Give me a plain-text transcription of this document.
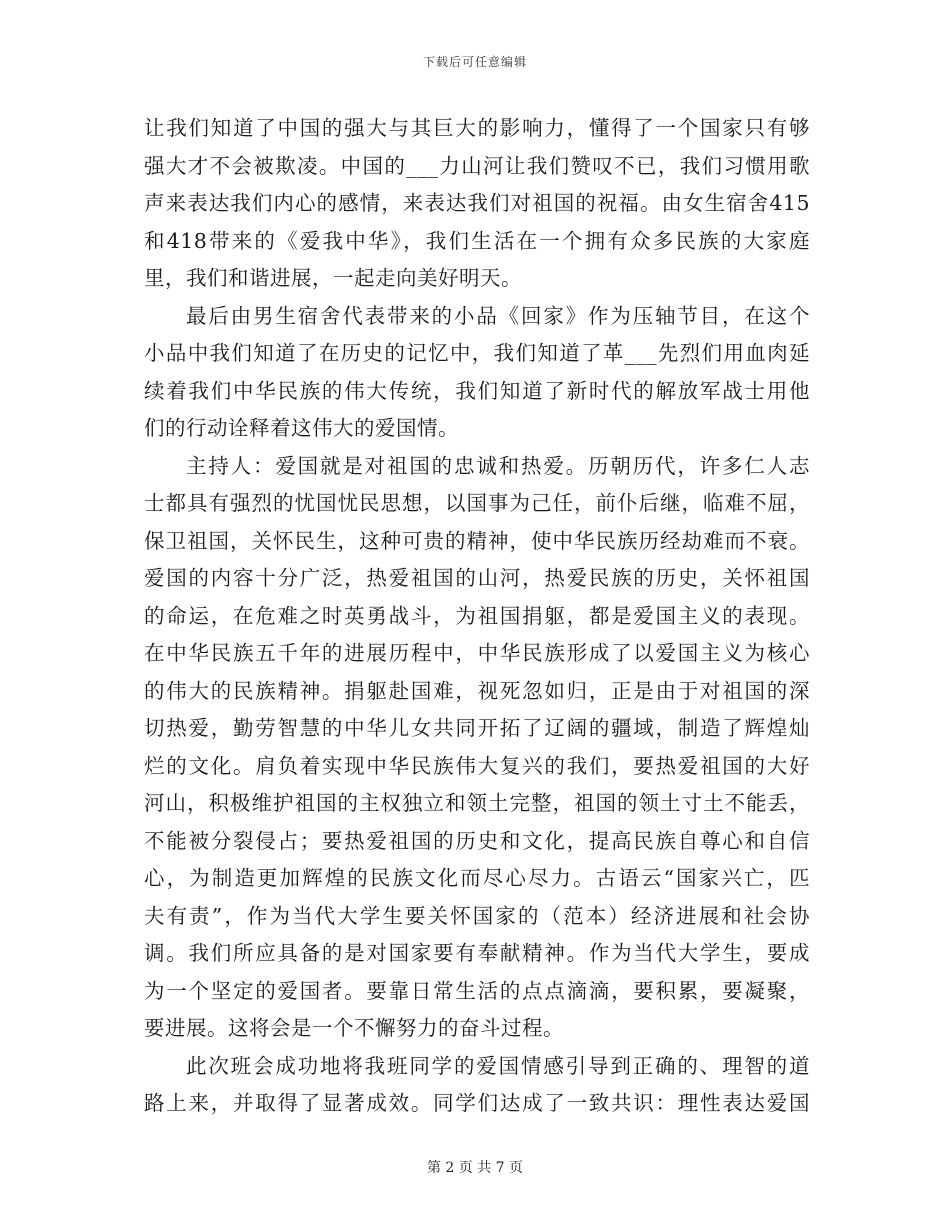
下载后可任意编辑
让我们知道了中国的强大与其巨大的影响力，懂得了一个国家只有够
强大才不会被欺凌。中国的___力山河让我们赞叹不已，我们习惯用歌
声来表达我们内心的感情，来表达我们对祖国的祝福。由女生宿舍415
和418带来的《爱我中华》，我们生活在一个拥有众多民族的大家庭
里，我们和谐进展，一起走向美好明天。
最后由男生宿舍代表带来的小品《回家》作为压轴节目，在这个
小品中我们知道了在历史的记忆中，我们知道了革___先烈们用血肉延
续着我们中华民族的伟大传统，我们知道了新时代的解放军战士用他
们的行动诠释着这伟大的爱国情。
主持人：爱国就是对祖国的忠诚和热爱。历朝历代，许多仁人志
士都具有强烈的忧国忧民思想，以国事为己任，前仆后继，临难不屈，
保卫祖国，关怀民生，这种可贵的精神，使中华民族历经劫难而不衰。
爱国的内容十分广泛，热爱祖国的山河，热爱民族的历史，关怀祖国
的命运，在危难之时英勇战斗，为祖国捐躯，都是爱国主义的表现。
在中华民族五千年的进展历程中，中华民族形成了以爱国主义为核心
的伟大的民族精神。捐躯赴国难，视死忽如归，正是由于对祖国的深
切热爱，勤劳智慧的中华儿女共同开拓了辽阔的疆域，制造了辉煌灿
烂的文化。肩负着实现中华民族伟大复兴的我们，要热爱祖国的大好
河山，积极维护祖国的主权独立和领土完整，祖国的领土寸土不能丢，
不能被分裂侵占；要热爱祖国的历史和文化，提高民族自尊心和自信
心，为制造更加辉煌的民族文化而尽心尽力。古语云“国家兴亡，匹
夫有责”，作为当代大学生要关怀国家的（范本）经济进展和社会协
调。我们所应具备的是对国家要有奉献精神。作为当代大学生，要成
为一个坚定的爱国者。要靠日常生活的点点滴滴，要积累，要凝聚，
要进展。这将会是一个不懈努力的奋斗过程。
此次班会成功地将我班同学的爱国情感引导到正确的、理智的道
路上来，并取得了显著成效。同学们达成了一致共识：理性表达爱国
第 2 页 共 7 页
